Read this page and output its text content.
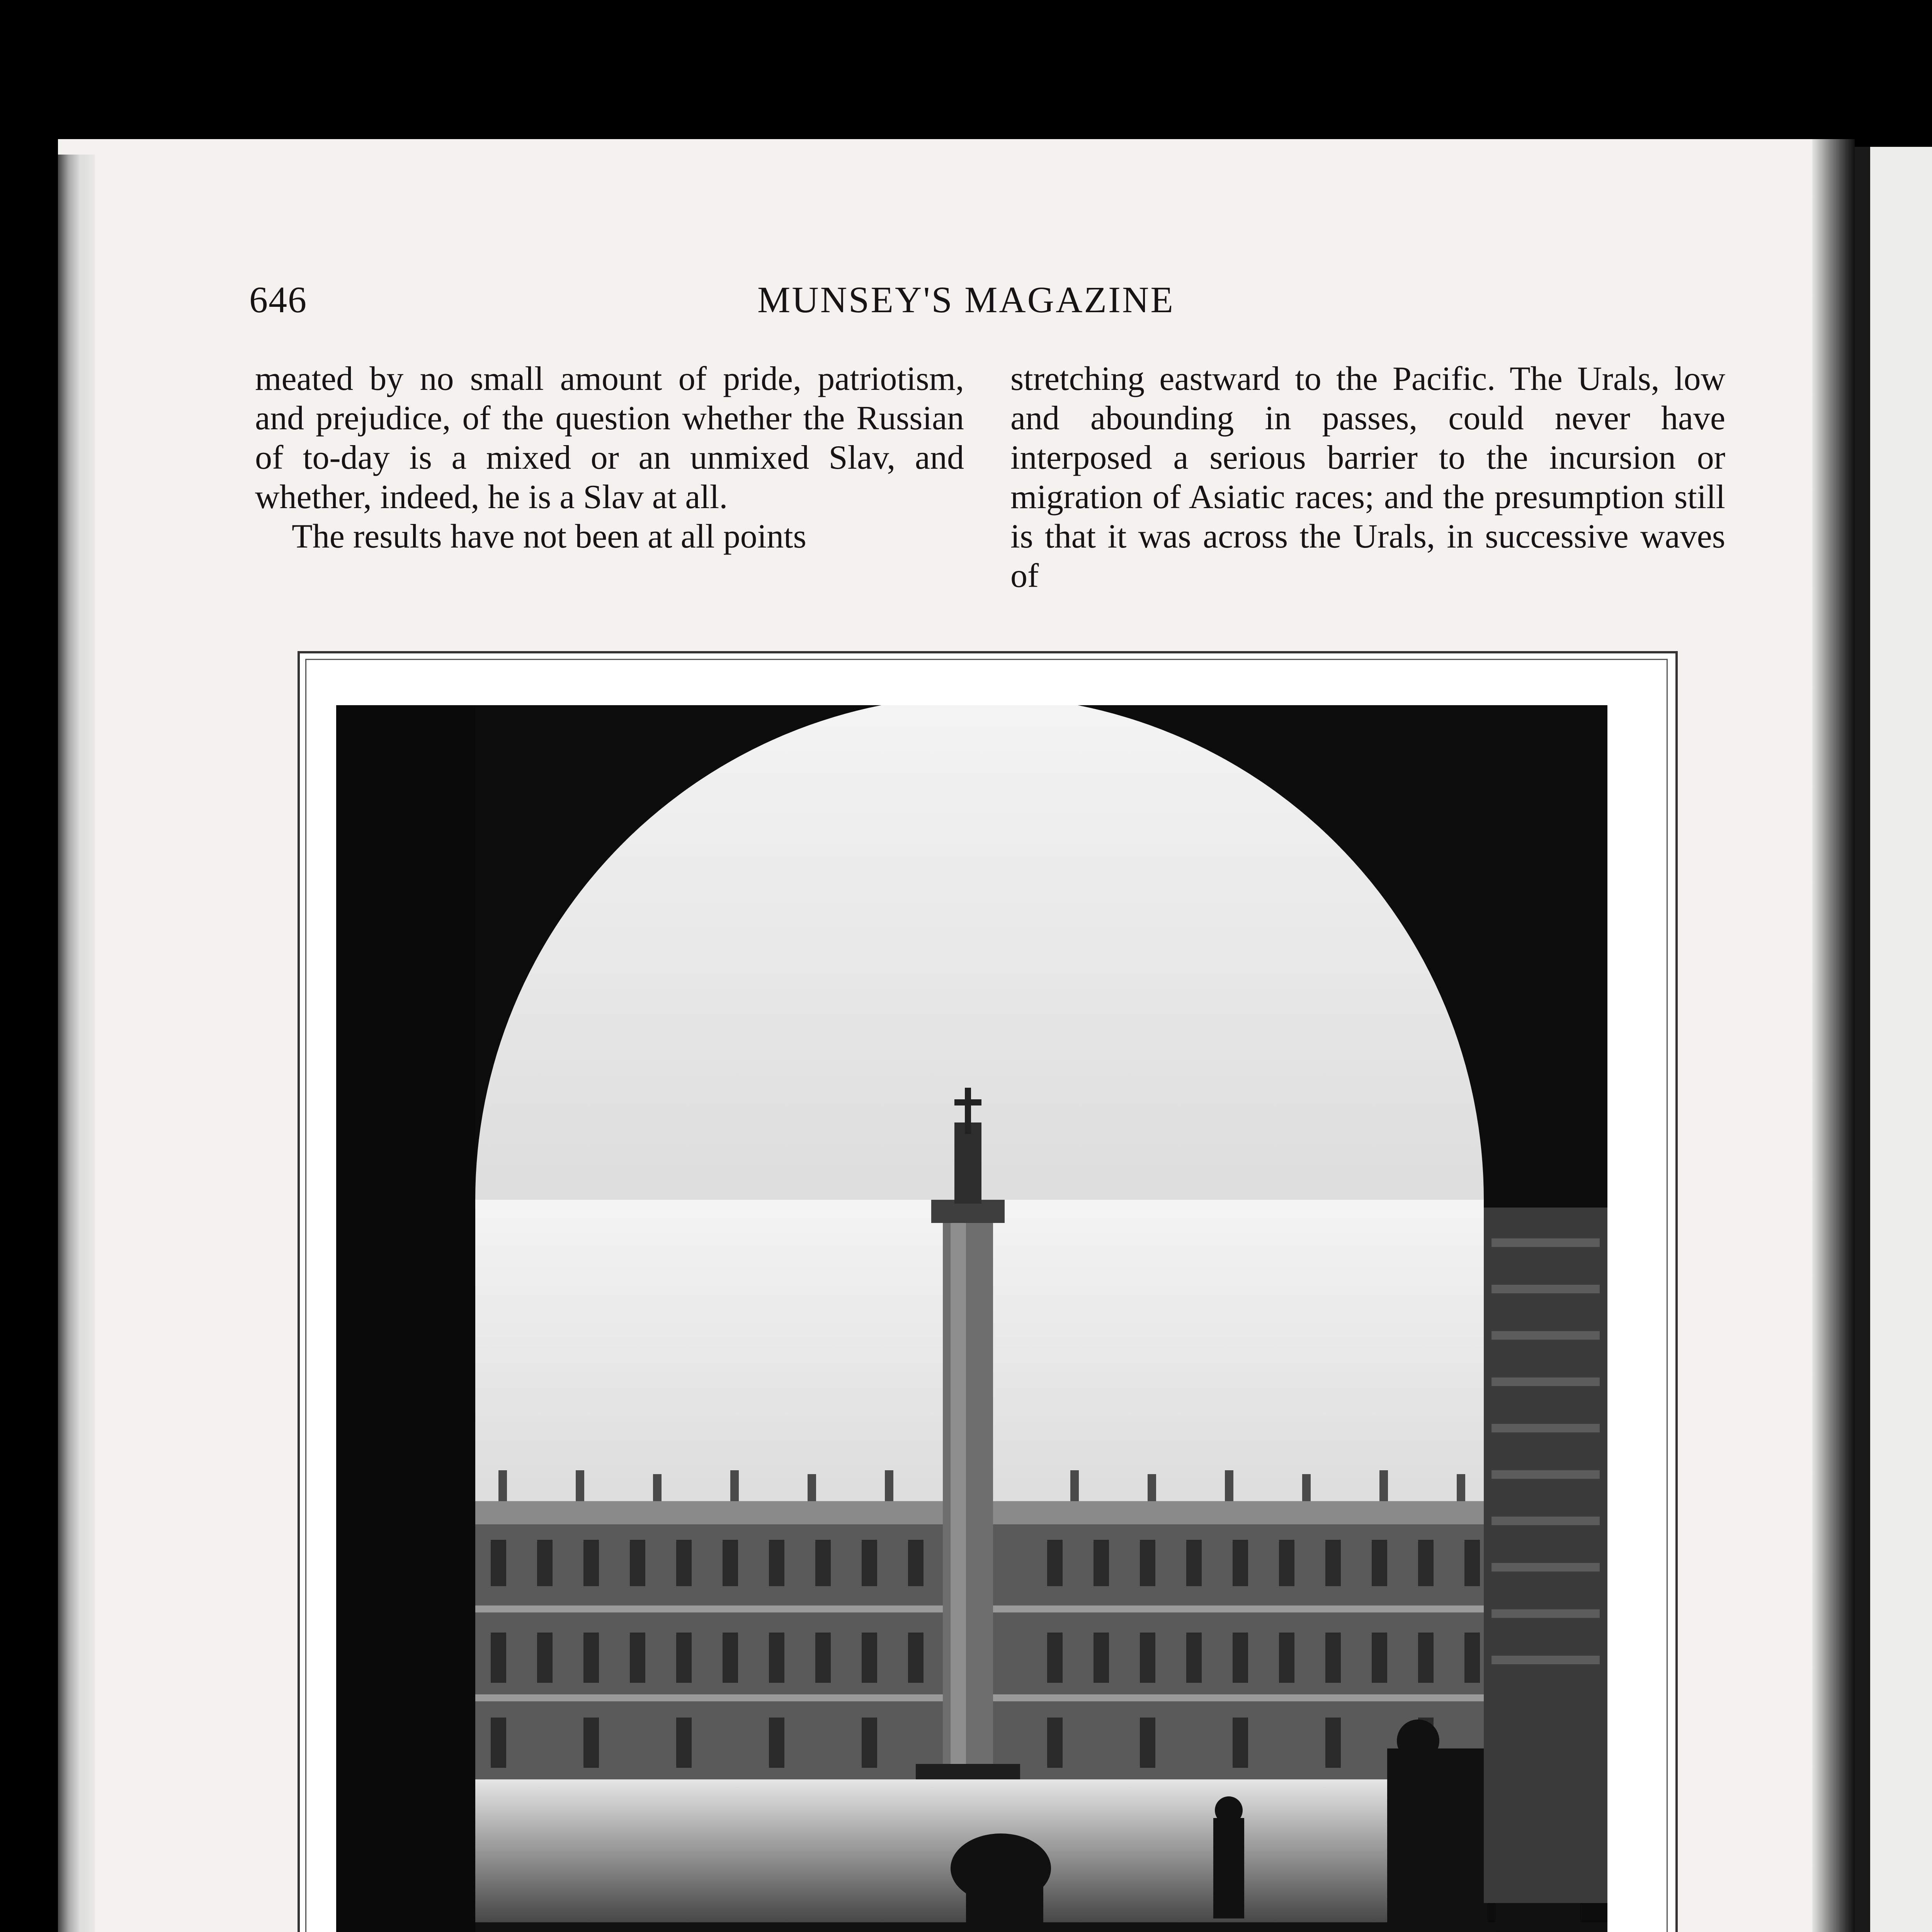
646	MUNSEY'S MAGAZINE

meated by no small amount of pride, patriotism, and prejudice, of the question whether the Russian of to-day is a mixed or an unmixed Slav, and whether, indeed, he is a Slav at all.

The results have not been at all points

stretching eastward to the Pacific. The Urals, low and abounding in passes, could never have interposed a serious barrier to the incursion or migration of Asiatic races; and the presumption still is that it was across the Urals, in successive waves of
